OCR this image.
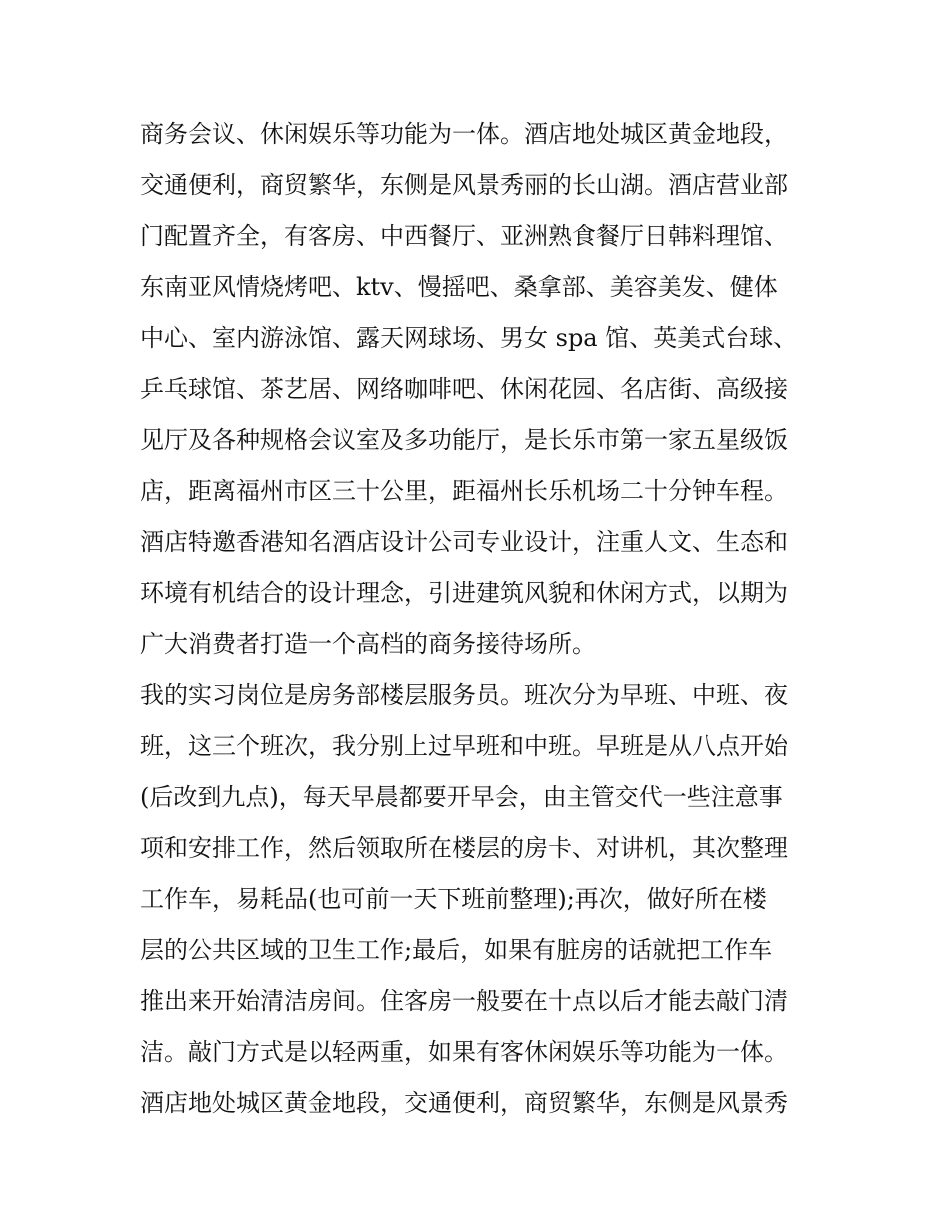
商务会议、休闲娱乐等功能为一体。酒店地处城区黄金地段，
交通便利，商贸繁华，东侧是风景秀丽的长山湖。酒店营业部
门配置齐全，有客房、中西餐厅、亚洲熟食餐厅日韩料理馆、
东南亚风情烧烤吧、ktv、慢摇吧、桑拿部、美容美发、健体
中心、室内游泳馆、露天网球场、男女 spa 馆、英美式台球、
乒乓球馆、茶艺居、网络咖啡吧、休闲花园、名店街、高级接
见厅及各种规格会议室及多功能厅，是长乐市第一家五星级饭
店，距离福州市区三十公里，距福州长乐机场二十分钟车程。
酒店特邀香港知名酒店设计公司专业设计，注重人文、生态和
环境有机结合的设计理念，引进建筑风貌和休闲方式，以期为
广大消费者打造一个高档的商务接待场所。
我的实习岗位是房务部楼层服务员。班次分为早班、中班、夜
班，这三个班次，我分别上过早班和中班。早班是从八点开始
(后改到九点)，每天早晨都要开早会，由主管交代一些注意事
项和安排工作，然后领取所在楼层的房卡、对讲机，其次整理
工作车，易耗品(也可前一天下班前整理);再次，做好所在楼
层的公共区域的卫生工作;最后，如果有脏房的话就把工作车
推出来开始清洁房间。住客房一般要在十点以后才能去敲门清
洁。敲门方式是以轻两重，如果有客休闲娱乐等功能为一体。
酒店地处城区黄金地段，交通便利，商贸繁华，东侧是风景秀
